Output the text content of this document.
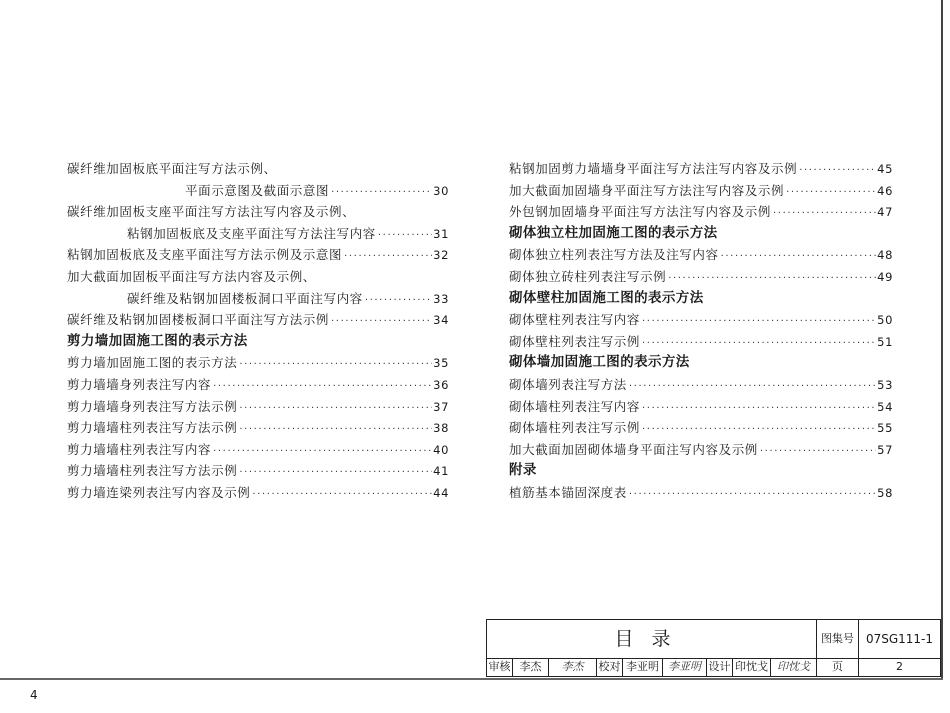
碳纤维加固板底平面注写方法示例、
平面示意图及截面示意图 ·····	30
碳纤维加固板支座平面注写方法注写内容及示例、
粘钢加固板底及支座平面注写方法注写内容 ·····	31
粘钢加固板底及支座平面注写方法示例及示意图 ·····	32
加大截面加固板平面注写方法内容及示例、
碳纤维及粘钢加固楼板洞口平面注写内容 ·····	33
碳纤维及粘钢加固楼板洞口平面注写方法示例 ·····	34
剪力墙加固施工图的表示方法
剪力墙加固施工图的表示方法 ·····	35
剪力墙墙身列表注写内容 ·····	36
剪力墙墙身列表注写方法示例 ·····	37
剪力墙墙柱列表注写方法示例 ·····	38
剪力墙墙柱列表注写内容 ·····	40
剪力墙墙柱列表注写方法示例 ·····	41
剪力墙连梁列表注写内容及示例 ·····	44
粘钢加固剪力墙墙身平面注写方法注写内容及示例 ·····	45
加大截面加固墙身平面注写方法注写内容及示例 ·····	46
外包钢加固墙身平面注写方法注写内容及示例 ·····	47
砌体独立柱加固施工图的表示方法
砌体独立柱列表注写方法及注写内容 ·····	48
砌体独立砖柱列表注写示例 ·····	49
砌体壁柱加固施工图的表示方法
砌体壁柱列表注写内容 ·····	50
砌体壁柱列表注写示例 ·····	51
砌体墙加固施工图的表示方法
砌体墙列表注写方法 ·····	53
砌体墙柱列表注写内容 ·····	54
砌体墙柱列表注写示例 ·····	55
加大截面加固砌体墙身平面注写内容及示例 ·····	57
附录
植筋基本锚固深度表 ·····	58
目录	图集号 07SG111-1
审核 李杰	李杰	校对 李亚明 李亚明 设计 印忱戈 印忱戈	页	2
4
